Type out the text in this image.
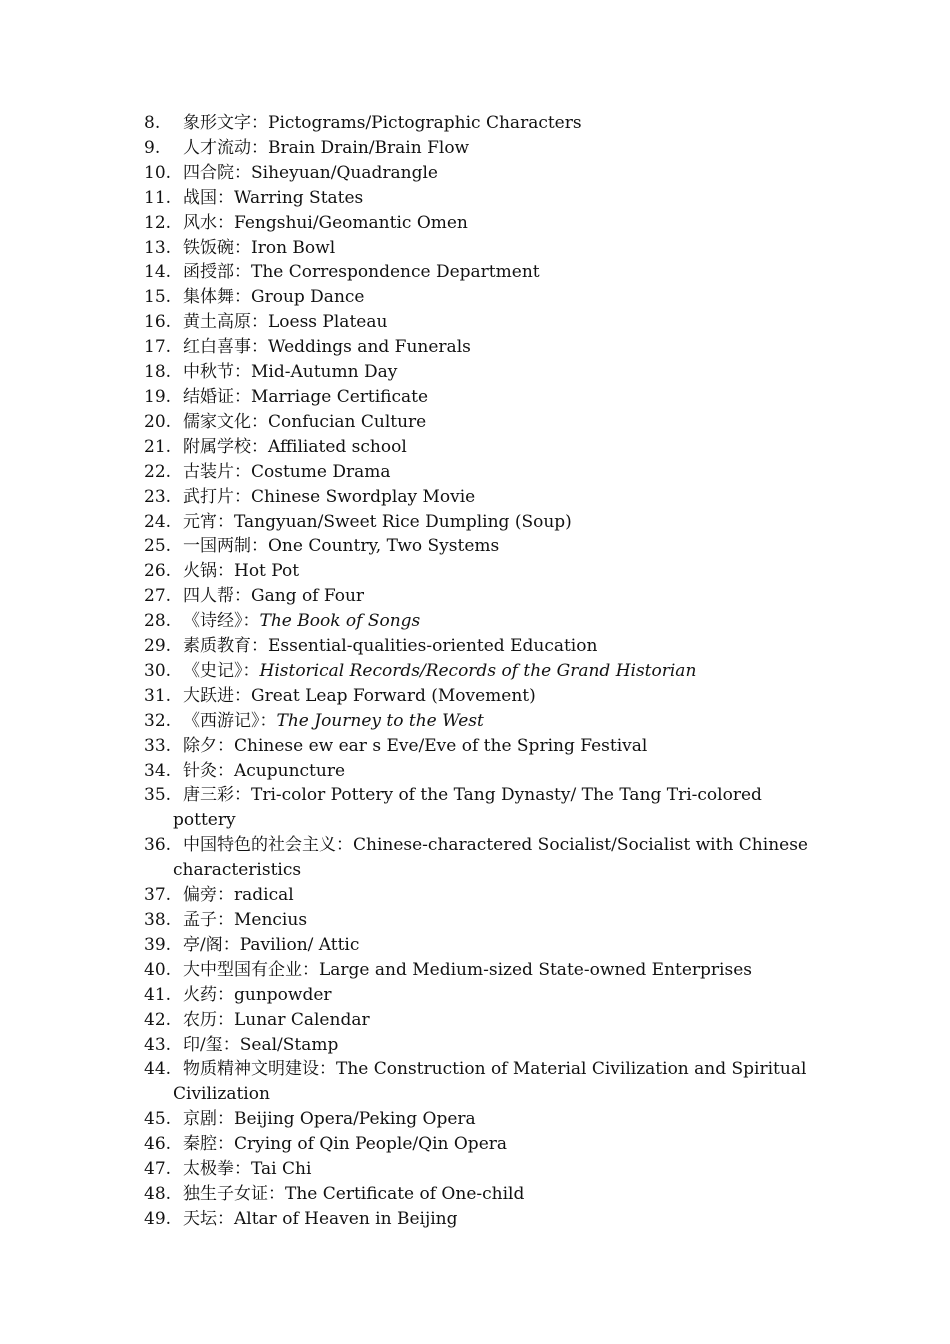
8.	象形文字：Pictograms/Pictographic Characters
9.	人才流动：Brain Drain/Brain Flow
10. 四合院：Siheyuan/Quadrangle
11. 战国：Warring States
12. 风水：Fengshui/Geomantic Omen
13. 铁饭碗：Iron Bowl
14. 函授部：The Correspondence Department
15. 集体舞：Group Dance
16. 黄土高原：Loess Plateau
17. 红白喜事：Weddings and Funerals
18. 中秋节：Mid-Autumn Day
19. 结婚证：Marriage Certificate
20. 儒家文化：Confucian Culture
21. 附属学校：Affiliated school
22. 古装片：Costume Drama
23. 武打片：Chinese Swordplay Movie
24. 元宵：Tangyuan/Sweet Rice Dumpling (Soup)
25. 一国两制：One Country, Two Systems
26. 火锅：Hot Pot
27. 四人帮：Gang of Four
28. 《诗经》：The Book of Songs
29. 素质教育：Essential-qualities-oriented Education
30. 《史记》：Historical Records/Records of the Grand Historian
31. 大跃进：Great Leap Forward (Movement)
32. 《西游记》：The Journey to the West
33. 除夕：Chinese ew ear s Eve/Eve of the Spring Festival
34. 针灸：Acupuncture
35. 唐三彩：Tri-color Pottery of the Tang Dynasty/ The Tang Tri-colored pottery
36. 中国特色的社会主义：Chinese-charactered Socialist/Socialist with Chinese characteristics
37. 偏旁：radical
38. 孟子：Mencius
39. 亭/阁：Pavilion/ Attic
40. 大中型国有企业：Large and Medium-sized State-owned Enterprises
41. 火药：gunpowder
42. 农历：Lunar Calendar
43. 印/玺：Seal/Stamp
44. 物质精神文明建设：The Construction of Material Civilization and Spiritual Civilization
45. 京剧：Beijing Opera/Peking Opera
46. 秦腔：Crying of Qin People/Qin Opera
47. 太极拳：Tai Chi
48. 独生子女证：The Certificate of One-child
49. 天坛：Altar of Heaven in Beijing
